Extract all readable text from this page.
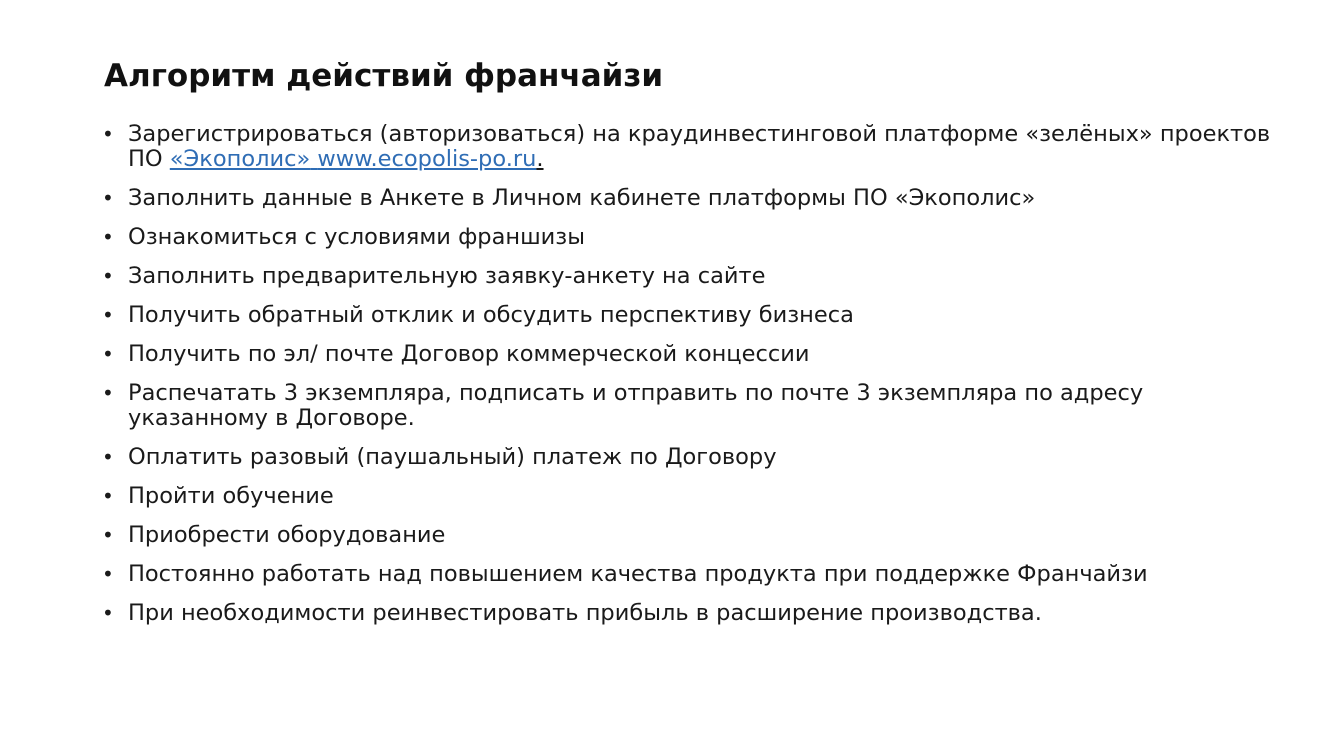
Алгоритм действий франчайзи
• Зарегистрироваться (авторизоваться) на краудинвестинговой платформе «зелёных» проектов ПО «Экополис» www.ecopolis-po.ru.
• Заполнить данные в Анкете в Личном кабинете платформы ПО «Экополис»
• Ознакомиться с условиями франшизы
• Заполнить предварительную заявку-анкету на сайте
• Получить обратный отклик и обсудить перспективу бизнеса
• Получить по эл/ почте Договор коммерческой концессии
• Распечатать 3 экземпляра, подписать и отправить по почте 3 экземпляра по адресу указанному в Договоре.
• Оплатить разовый (паушальный) платеж по Договору
• Пройти обучение
• Приобрести оборудование
• Постоянно работать над повышением качества продукта при поддержке Франчайзи
• При необходимости реинвестировать прибыль в расширение производства.
